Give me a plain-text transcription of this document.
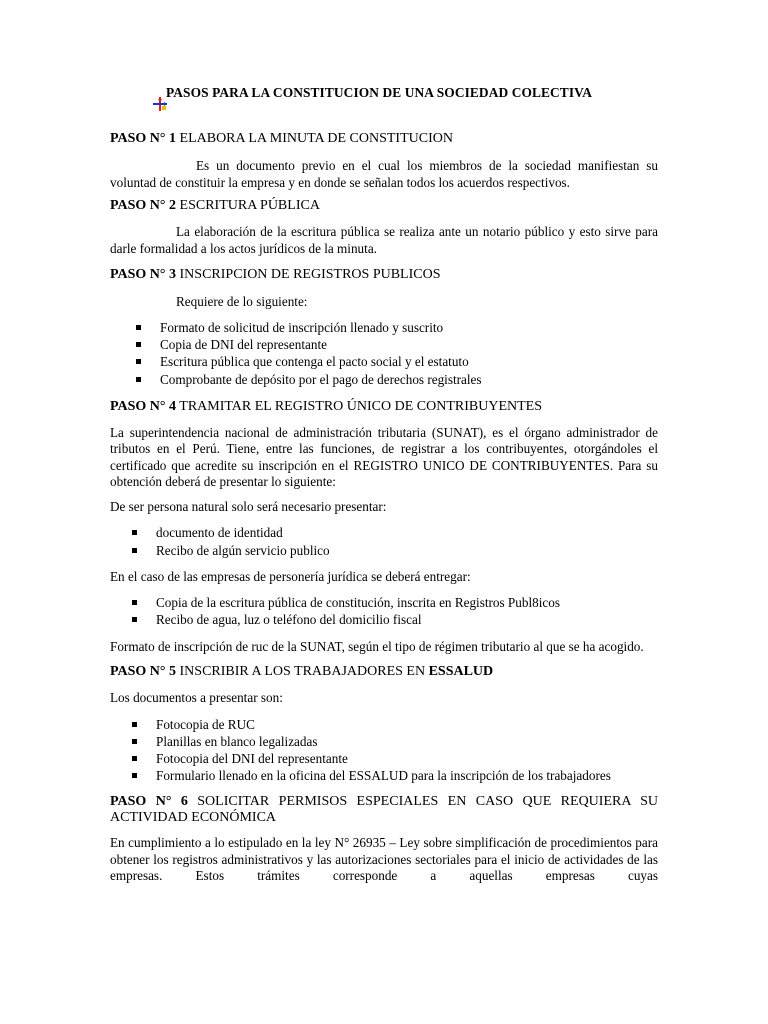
PASOS PARA LA CONSTITUCION DE UNA SOCIEDAD COLECTIVA
PASO N° 1 ELABORA LA MINUTA DE CONSTITUCION

Es un documento previo en el cual los miembros de la sociedad manifiestan su voluntad de constituir la empresa y en donde se señalan todos los acuerdos respectivos.

PASO N° 2 ESCRITURA PÚBLICA

La elaboración de la escritura pública se realiza ante un notario público y esto sirve para darle formalidad a los actos jurídicos de la minuta.

PASO N° 3 INSCRIPCION DE REGISTROS PUBLICOS

Requiere de lo siguiente:

Formato de solicitud de inscripción llenado y suscrito
Copia de DNI del representante
Escritura pública que contenga el pacto social y el estatuto
Comprobante de depósito por el pago de derechos registrales
PASO N° 4 TRAMITAR EL REGISTRO ÚNICO DE CONTRIBUYENTES

La superintendencia nacional de administración tributaria (SUNAT), es el órgano administrador de tributos en el Perú. Tiene, entre las funciones, de registrar a los contribuyentes, otorgándoles el certificado que acredite su inscripción en el REGISTRO UNICO DE CONTRIBUYENTES. Para su obtención deberá de presentar lo siguiente:

De ser persona natural solo será necesario presentar:

documento de identidad
Recibo de algún servicio publico

En el caso de las empresas de personería jurídica se deberá entregar:

Copia de la escritura pública de constitución, inscrita en Registros Publ8icos
Recibo de agua, luz o teléfono del domicilio fiscal

Formato de inscripción de ruc de la SUNAT, según el tipo de régimen tributario al que se ha acogido.

PASO N° 5 INSCRIBIR A LOS TRABAJADORES EN ESSALUD

Los documentos a presentar son:

Fotocopia de RUC
Planillas en blanco legalizadas
Fotocopia del DNI del representante
Formulario llenado en la oficina del ESSALUD para la inscripción de los trabajadores
PASO N° 6 SOLICITAR PERMISOS ESPECIALES EN CASO QUE REQUIERA SU ACTIVIDAD ECONÓMICA

En cumplimiento a lo estipulado en la ley N° 26935 – Ley sobre simplificación de procedimientos para obtener los registros administrativos y las autorizaciones sectoriales para el inicio de actividades de las empresas. Estos trámites corresponde a aquellas empresas cuyas
